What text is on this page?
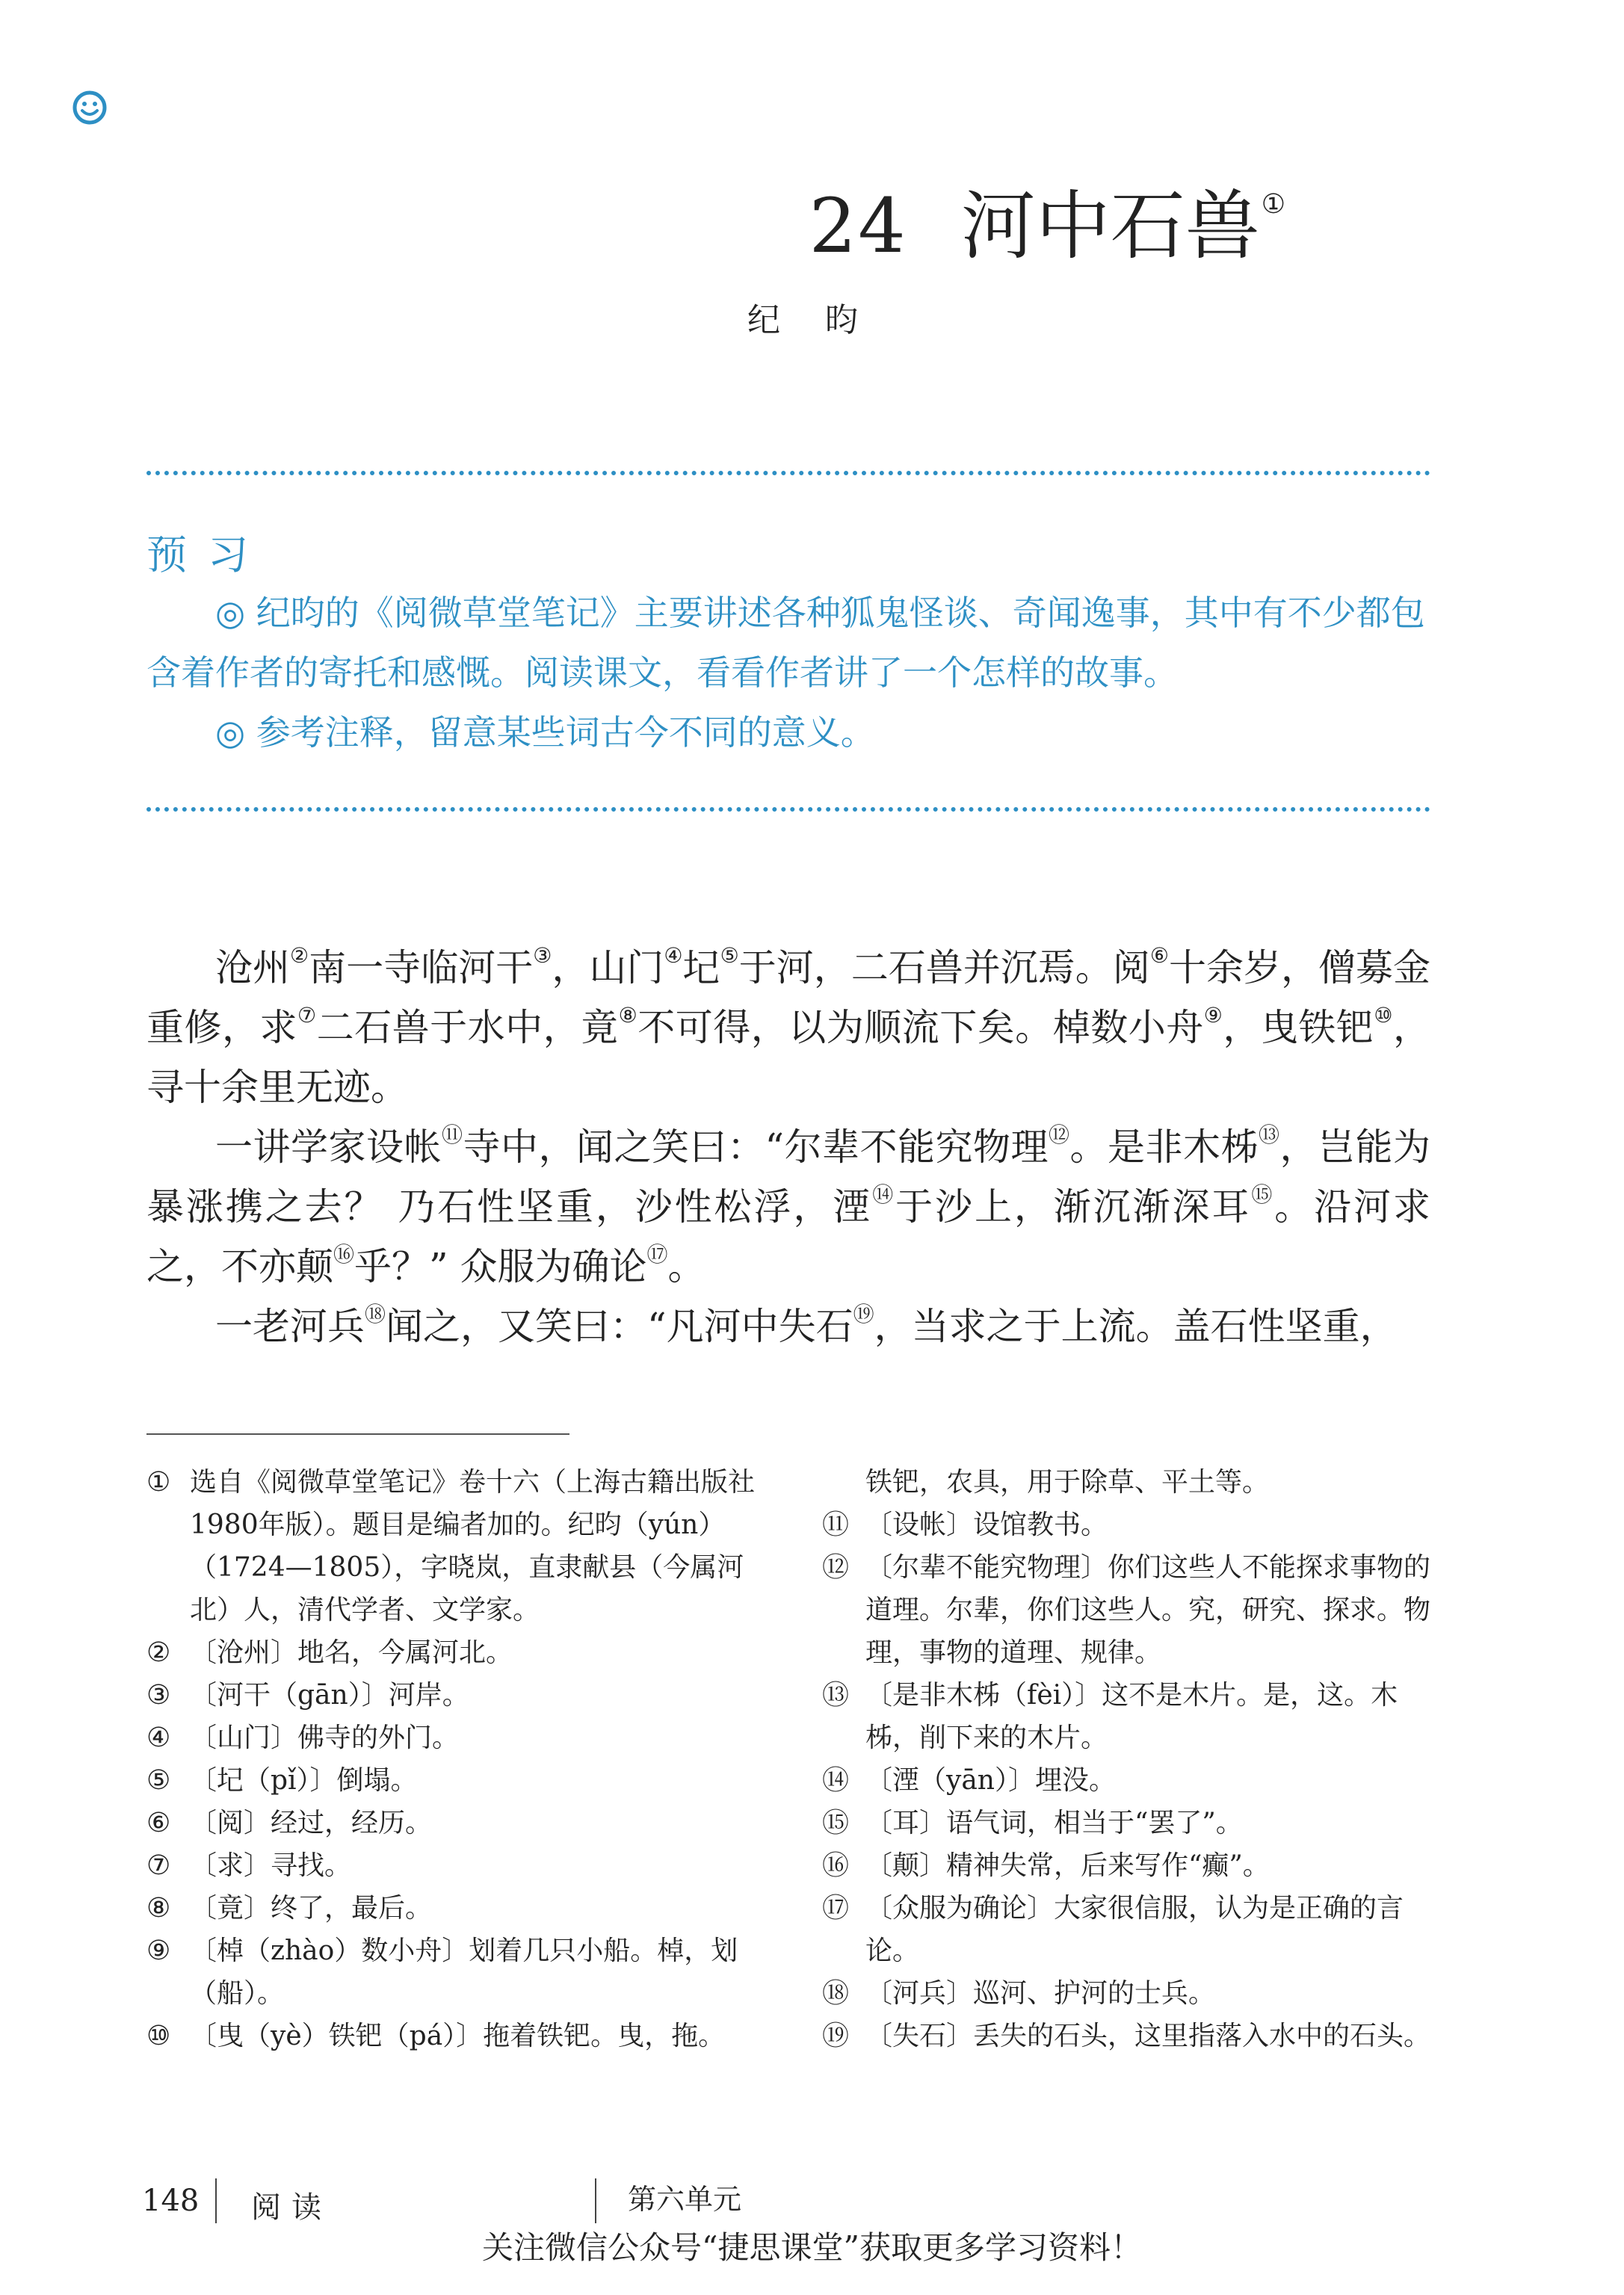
24 河中石兽①
纪昀
预习
◎ 纪昀的《阅微草堂笔记》主要讲述各种狐鬼怪谈、奇闻逸事，其中有不少都包含着作者的寄托和感慨。阅读课文，看看作者讲了一个怎样的故事。
◎ 参考注释，留意某些词古今不同的意义。
沧州②南一寺临河干③，山门④圮⑤于河，二石兽并沉焉。阅⑥十余岁，僧募金重修，求⑦二石兽于水中，竟⑧不可得，以为顺流下矣。棹数小舟⑨，曳铁钯⑩，寻十余里无迹。
一讲学家设帐⑪寺中，闻之笑曰：“尔辈不能究物理⑫。是非木柹⑬，岂能为暴涨携之去？ 乃石性坚重，沙性松浮，湮⑭于沙上，渐沉渐深耳⑮。沿河求之，不亦颠⑯乎？” 众服为确论⑰。
一老河兵⑱闻之，又笑曰：“凡河中失石⑲，当求之于上流。盖石性坚重，
① 选自《阅微草堂笔记》卷十六（上海古籍出版社1980年版）。题目是编者加的。纪昀（yún）（1724—1805），字晓岚，直隶献县（今属河北）人，清代学者、文学家。
② 〔沧州〕地名，今属河北。
③ 〔河干（gān）〕河岸。
④ 〔山门〕佛寺的外门。
⑤ 〔圮（pǐ）〕倒塌。
⑥ 〔阅〕经过，经历。
⑦ 〔求〕寻找。
⑧ 〔竟〕终了，最后。
⑨ 〔棹（zhào）数小舟〕划着几只小船。棹，划（船）。
⑩ 〔曳（yè）铁钯（pá）〕拖着铁钯。曳，拖。
铁钯，农具，用于除草、平土等。
⑪ 〔设帐〕设馆教书。
⑫ 〔尔辈不能究物理〕你们这些人不能探求事物的道理。尔辈，你们这些人。究，研究、探求。物理，事物的道理、规律。
⑬ 〔是非木柹（fèi）〕这不是木片。是，这。木柹，削下来的木片。
⑭ 〔湮（yān）〕埋没。
⑮ 〔耳〕语气词，相当于“罢了”。
⑯ 〔颠〕精神失常，后来写作“癫”。
⑰ 〔众服为确论〕大家很信服，认为是正确的言论。
⑱ 〔河兵〕巡河、护河的士兵。
⑲ 〔失石〕丢失的石头，这里指落入水中的石头。
148 阅读	第六单元
关注微信公众号“捷思课堂”获取更多学习资料！
